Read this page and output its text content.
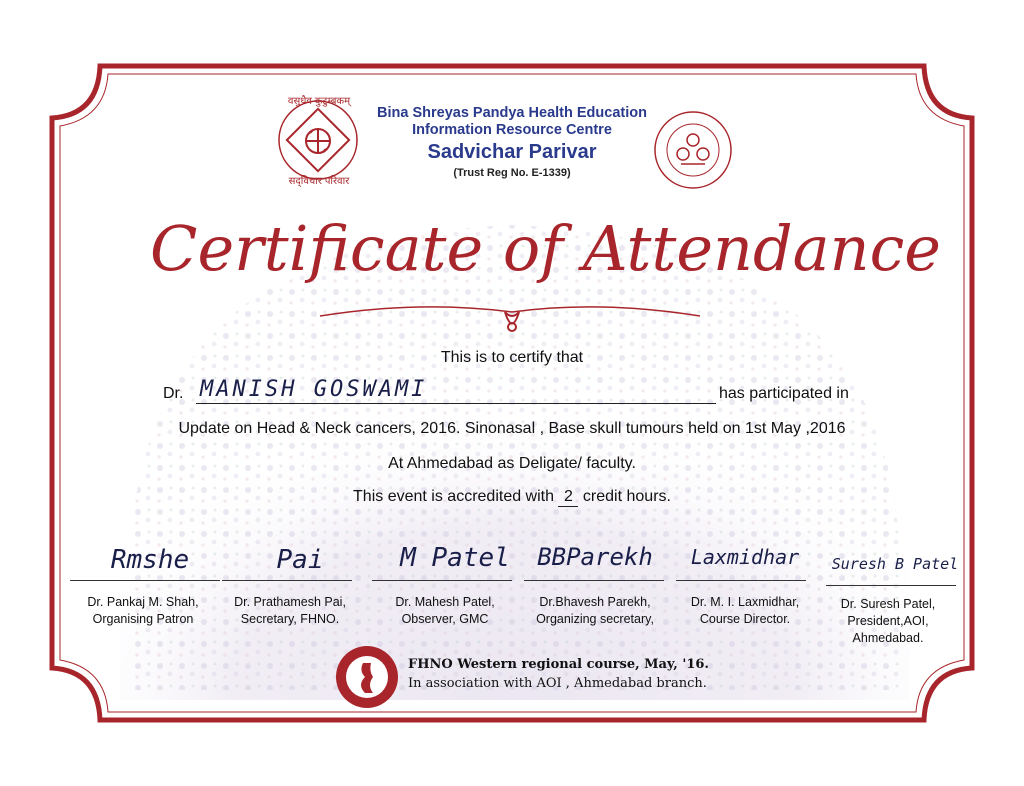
वसुधैव कुटुम्बकम्
सद्‌विचार परिवार
Bina Shreyas Pandya Health Education
Information Resource Centre
Sadvichar Parivar
(Trust Reg No. E-1339)
Certificate of Attendance
This is to certify that
Dr. MANISH GOSWAMI	has participated in
Update on Head & Neck cancers, 2016. Sinonasal , Base skull tumours held on 1st May ,2016
At Ahmedabad as Deligate/ faculty.
This event is accredited with 2 credit hours.
Rmshe
Dr. Pankaj M. Shah,
Organising Patron
Pai
Dr. Prathamesh Pai,
Secretary, FHNO.
M Patel
Dr. Mahesh Patel,
Observer, GMC
BBParekh
Dr.Bhavesh Parekh,
Organizing secretary,
Laxmidhar
Dr. M. I. Laxmidhar,
Course Director.
Suresh B Patel
Dr. Suresh Patel,
President,AOI,
Ahmedabad.
FHNO Western regional course, May, '16.
In association with AOI , Ahmedabad branch.
